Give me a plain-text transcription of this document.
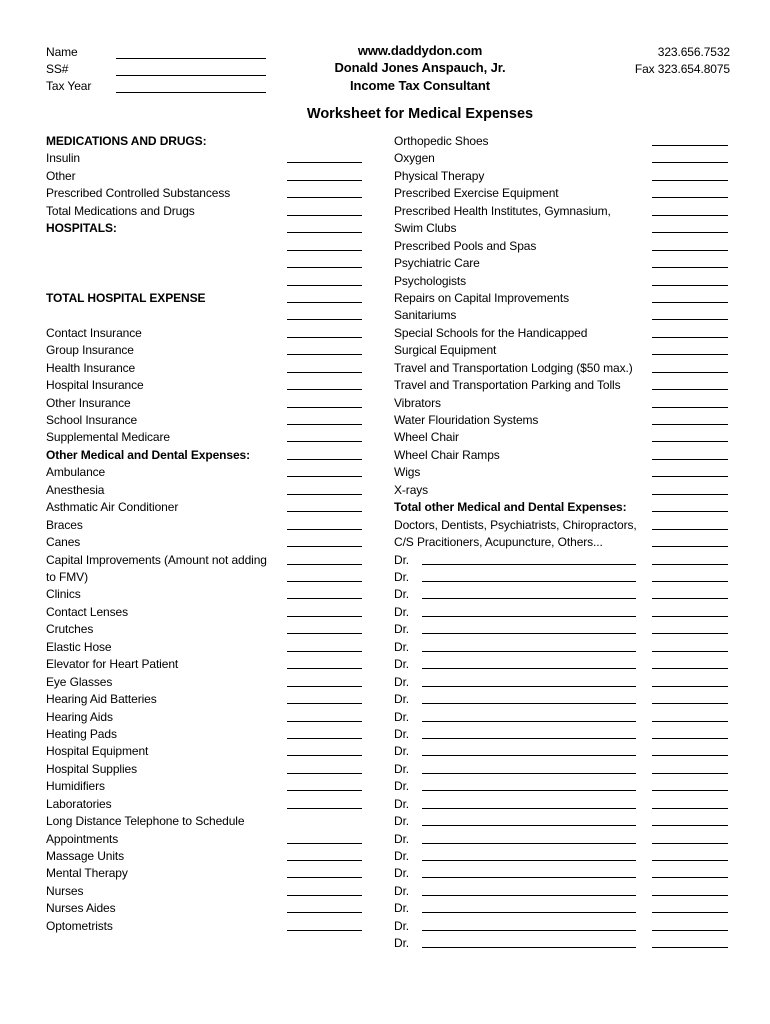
Name
SS#
Tax Year
www.daddydon.com
Donald Jones Anspauch, Jr.
Income Tax Consultant
323.656.7532
Fax 323.654.8075
Worksheet for Medical Expenses
MEDICATIONS AND DRUGS:
Insulin
Other
Prescribed Controlled Substancess
Total Medications and Drugs
HOSPITALS:
TOTAL HOSPITAL EXPENSE
Contact Insurance
Group Insurance
Health Insurance
Hospital Insurance
Other Insurance
School Insurance
Supplemental Medicare
Other Medical and Dental Expenses:
Ambulance
Anesthesia
Asthmatic Air Conditioner
Braces
Canes
Capital Improvements (Amount not adding
to FMV)
Clinics
Contact Lenses
Crutches
Elastic Hose
Elevator for Heart Patient
Eye Glasses
Hearing Aid Batteries
Hearing Aids
Heating Pads
Hospital Equipment
Hospital Supplies
Humidifiers
Laboratories
Long Distance Telephone to Schedule
Appointments
Massage Units
Mental Therapy
Nurses
Nurses Aides
Optometrists
Orthopedic Shoes
Oxygen
Physical Therapy
Prescribed Exercise Equipment
Prescribed Health Institutes, Gymnasium,
Swim Clubs
Prescribed Pools and Spas
Psychiatric Care
Psychologists
Repairs on Capital Improvements
Sanitariums
Special Schools for the Handicapped
Surgical Equipment
Travel and Transportation Lodging ($50 max.)
Travel and Transportation Parking and Tolls
Vibrators
Water Flouridation Systems
Wheel Chair
Wheel Chair Ramps
Wigs
X-rays
Total other Medical and Dental Expenses:
Doctors, Dentists, Psychiatrists, Chiropractors,
C/S Pracitioners, Acupuncture, Others...
Dr.
Dr.
Dr.
Dr.
Dr.
Dr.
Dr.
Dr.
Dr.
Dr.
Dr.
Dr.
Dr.
Dr.
Dr.
Dr.
Dr.
Dr.
Dr.
Dr.
Dr.
Dr.
Dr.
